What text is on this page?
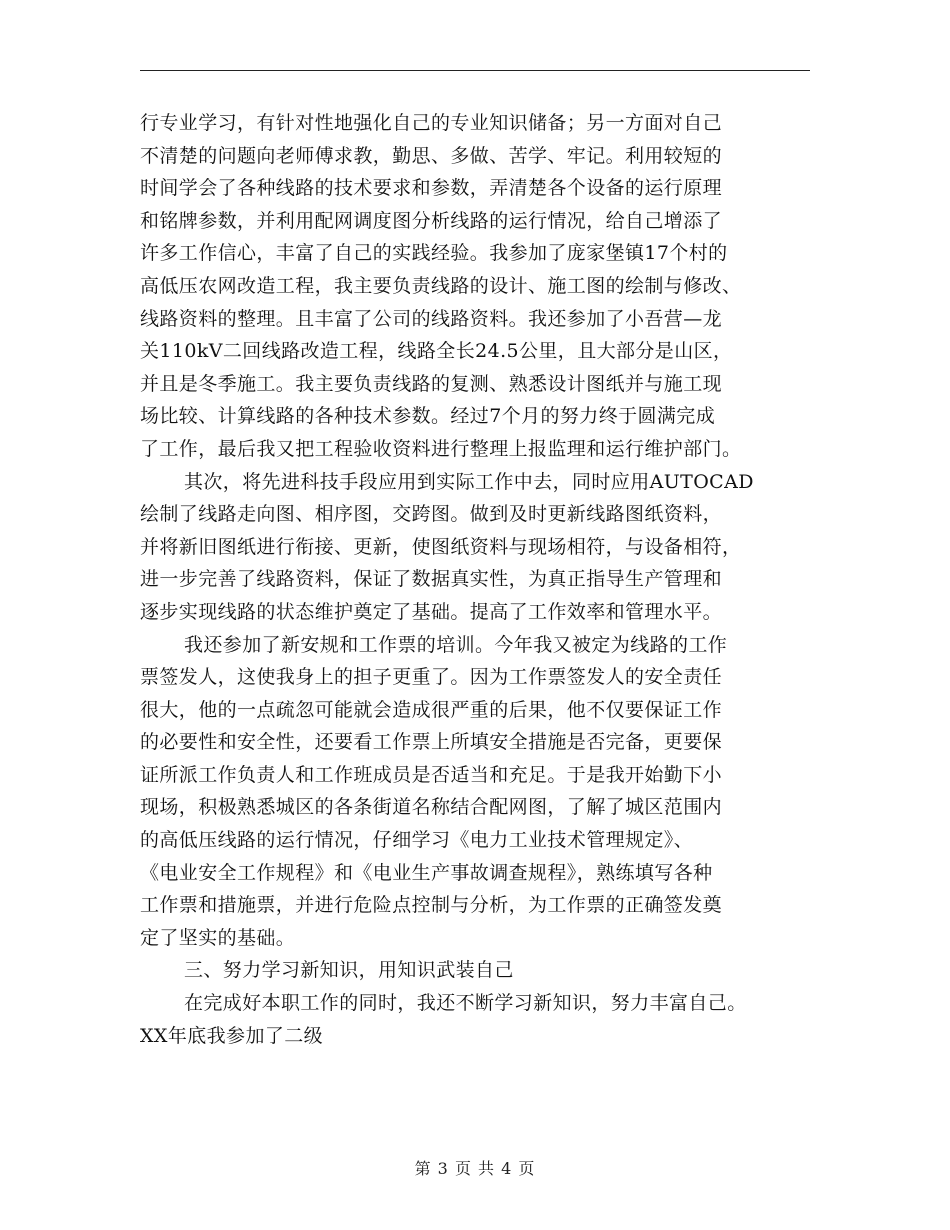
行专业学习，有针对性地强化自己的专业知识储备；另一方面对自己
不清楚的问题向老师傅求教，勤思、多做、苦学、牢记。利用较短的
时间学会了各种线路的技术要求和参数，弄清楚各个设备的运行原理
和铭牌参数，并利用配网调度图分析线路的运行情况，给自己增添了
许多工作信心，丰富了自己的实践经验。我参加了庞家堡镇17个村的
高低压农网改造工程，我主要负责线路的设计、施工图的绘制与修改、
线路资料的整理。且丰富了公司的线路资料。我还参加了小吾营—龙
关110kV二回线路改造工程，线路全长24.5公里，且大部分是山区，
并且是冬季施工。我主要负责线路的复测、熟悉设计图纸并与施工现
场比较、计算线路的各种技术参数。经过7个月的努力终于圆满完成
了工作，最后我又把工程验收资料进行整理上报监理和运行维护部门。
其次，将先进科技手段应用到实际工作中去，同时应用AUTOCAD
绘制了线路走向图、相序图，交跨图。做到及时更新线路图纸资料，
并将新旧图纸进行衔接、更新，使图纸资料与现场相符，与设备相符，
进一步完善了线路资料，保证了数据真实性，为真正指导生产管理和
逐步实现线路的状态维护奠定了基础。提高了工作效率和管理水平。
我还参加了新安规和工作票的培训。今年我又被定为线路的工作
票签发人，这使我身上的担子更重了。因为工作票签发人的安全责任
很大，他的一点疏忽可能就会造成很严重的后果，他不仅要保证工作
的必要性和安全性，还要看工作票上所填安全措施是否完备，更要保
证所派工作负责人和工作班成员是否适当和充足。于是我开始勤下小
现场，积极熟悉城区的各条街道名称结合配网图，了解了城区范围内
的高低压线路的运行情况，仔细学习《电力工业技术管理规定》、
《电业安全工作规程》和《电业生产事故调查规程》，熟练填写各种
工作票和措施票，并进行危险点控制与分析，为工作票的正确签发奠
定了坚实的基础。
三、努力学习新知识，用知识武装自己
在完成好本职工作的同时，我还不断学习新知识，努力丰富自己。
XX年底我参加了二级
第 3 页 共 4 页
